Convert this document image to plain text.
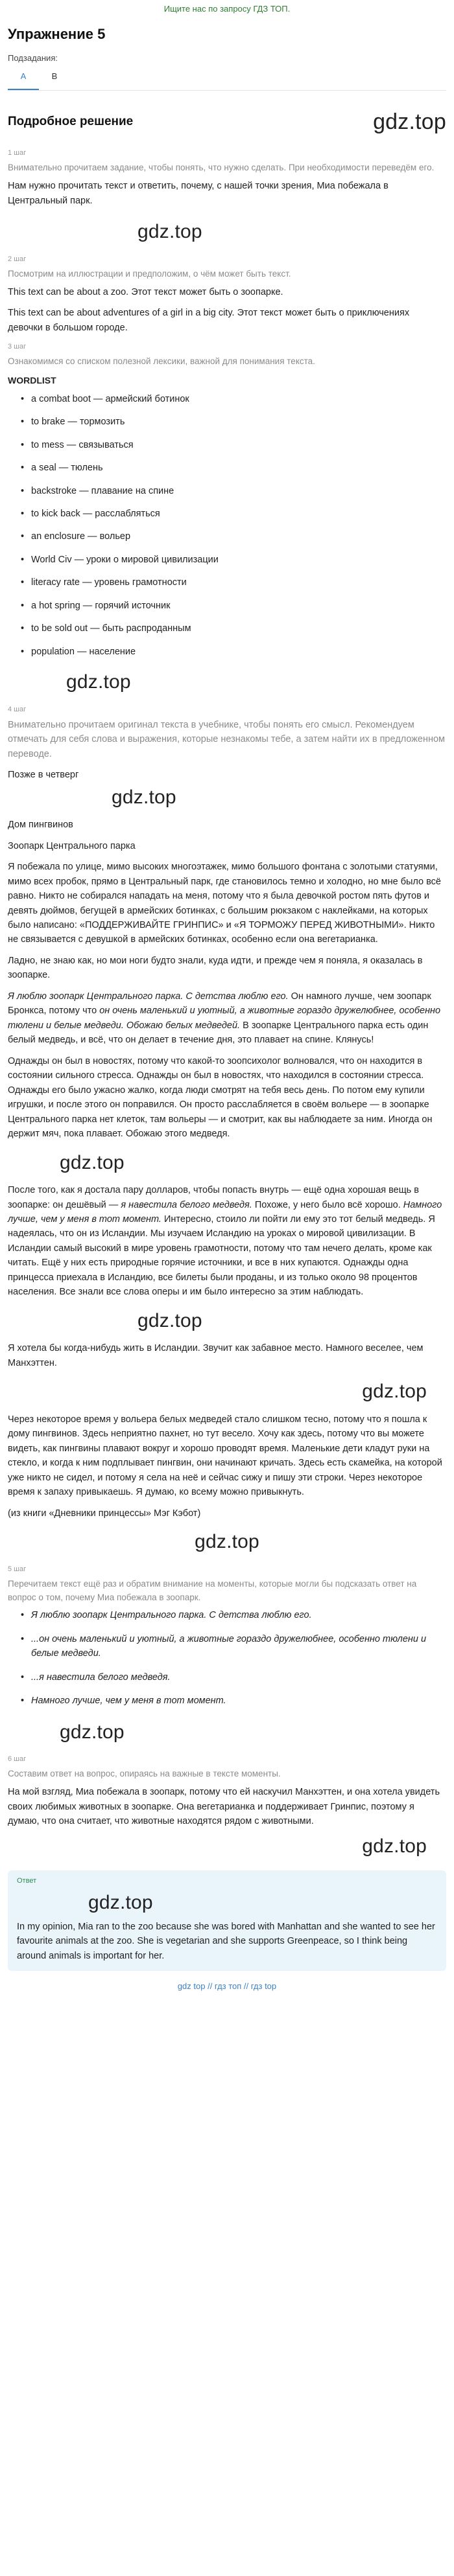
Ищите нас по запросу ГДЗ ТОП.
Упражнение 5
Подзадания:
A	B
Подробное решение	gdz.top
1 шаг

Внимательно прочитаем задание, чтобы понять, что нужно сделать. При необходимости переведём его.

Нам нужно прочитать текст и ответить, почему, с нашей точки зрения, Миа побежала в Центральный парк.

gdz.top
2 шаг

Посмотрим на иллюстрации и предположим, о чём может быть текст.

This text can be about a zoo. Этот текст может быть о зоопарке.

This text can be about adventures of a girl in a big city. Этот текст может быть о приключениях девочки в большом городе.

3 шаг

Ознакомимся со списком полезной лексики, важной для понимания текста.

WORDLIST
• a combat boot — армейский ботинок
• to brake — тормозить
• to mess — связываться
• a seal — тюлень
• backstroke — плавание на спине
• to kick back — расслабляться
• an enclosure — вольер
• World Civ — уроки о мировой цивилизации
• literacy rate — уровень грамотности
• a hot spring — горячий источник
• to be sold out — быть распроданным
• population — население
gdz.top
4 шаг

Внимательно прочитаем оригинал текста в учебнике, чтобы понять его смысл. Рекомендуем отмечать для себя слова и выражения, которые незнакомы тебе, а затем найти их в предложенном переводе.

Позже в четверг

gdz.top

Дом пингвинов

Зоопарк Центрального парка

Я побежала по улице, мимо высоких многоэтажек, мимо большого фонтана с золотыми статуями, мимо всех пробок, прямо в Центральный парк, где становилось темно и холодно, но мне было всё равно. Никто не собирался нападать на меня, потому что я была девочкой ростом пять футов и девять дюймов, бегущей в армейских ботинках, с большим рюкзаком с наклейками, на которых было написано: «ПОДДЕРЖИВАЙТЕ ГРИНПИС» и «Я ТОРМОЖУ ПЕРЕД ЖИВОТНЫМИ». Никто не связывается с девушкой в армейских ботинках, особенно если она вегетарианка.

Ладно, не знаю как, но мои ноги будто знали, куда идти, и прежде чем я поняла, я оказалась в зоопарке.

Я люблю зоопарк Центрального парка. С детства люблю его. Он намного лучше, чем зоопарк Бронкса, потому что он очень маленький и уютный, а животные гораздо дружелюбнее, особенно тюлени и белые медведи. Обожаю белых медведей. В зоопарке Центрального парка есть один белый медведь, и всё, что он делает в течение дня, это плавает на спине. Клянусь!

Однажды он был в новостях, потому что какой-то зоопсихолог волновался, что он находится в состоянии сильного стресса. Однажды он был в новостях, что находился в состоянии стресса. Однажды его было ужасно жалко, когда люди смотрят на тебя весь день. По потом ему купили игрушки, и после этого он поправился. Он просто расслабляется в своём вольере — в зоопарке Центрального парка нет клеток, там вольеры — и смотрит, как вы наблюдаете за ним. Иногда он держит мяч, пока плавает. Обожаю этого медведя.

gdz.top

После того, как я достала пару долларов, чтобы попасть внутрь — ещё одна хорошая вещь в зоопарке: он дешёвый — я навестила белого медведя. Похоже, у него было всё хорошо. Намного лучше, чем у меня в тот момент. Интересно, стоило ли пойти ли ему это тот белый медведь. Я надеялась, что он из Исландии. Мы изучаем Исландию на уроках о мировой цивилизации. В Исландии самый высокий в мире уровень грамотности, потому что там нечего делать, кроме как читать. Ещё у них есть природные горячие источники, и все в них купаются. Однажды одна принцесса приехала в Исландию, все билеты были проданы, и из только около 98 процентов населения. Все знали все слова оперы и им было интересно за этим наблюдать.

gdz.top

Я хотела бы когда-нибудь жить в Исландии. Звучит как забавное место. Намного веселее, чем Манхэттен.

gdz.top

Через некоторое время у вольера белых медведей стало слишком тесно, потому что я пошла к дому пингвинов. Здесь неприятно пахнет, но тут весело. Хочу как здесь, потому что вы можете видеть, как пингвины плавают вокруг и хорошо проводят время. Маленькие дети кладут руки на стекло, и когда к ним подплывает пингвин, они начинают кричать. Здесь есть скамейка, на которой уже никто не сидел, и потому я села на неё и сейчас сижу и пишу эти строки. Через некоторое время к запаху привыкаешь. Я думаю, ко всему можно привыкнуть.

(из книги «Дневники принцессы» Мэг Кэбот)

gdz.top
5 шаг

Перечитаем текст ещё раз и обратим внимание на моменты, которые могли бы подсказать ответ на вопрос о том, почему Миа побежала в зоопарк.

• Я люблю зоопарк Центрального парка. С детства люблю его.
• ...он очень маленький и уютный, а животные гораздо дружелюбнее, особенно тюлени и белые медведи.
• ...я навестила белого медведя.
• Намного лучше, чем у меня в тот момент.
gdz.top
6 шаг

Составим ответ на вопрос, опираясь на важные в тексте моменты.

На мой взгляд, Миа побежала в зоопарк, потому что ей наскучил Манхэттен, и она хотела увидеть своих любимых животных в зоопарке. Она вегетарианка и поддерживает Гринпис, поэтому я думаю, что она считает, что животные находятся рядом с животными.

gdz.top
Ответ
gdz.top

In my opinion, Mia ran to the zoo because she was bored with Manhattan and she wanted to see her favourite animals at the zoo. She is vegetarian and she supports Greenpeace, so I think being around animals is important for her.

gdz top // гдз топ // гдз top
